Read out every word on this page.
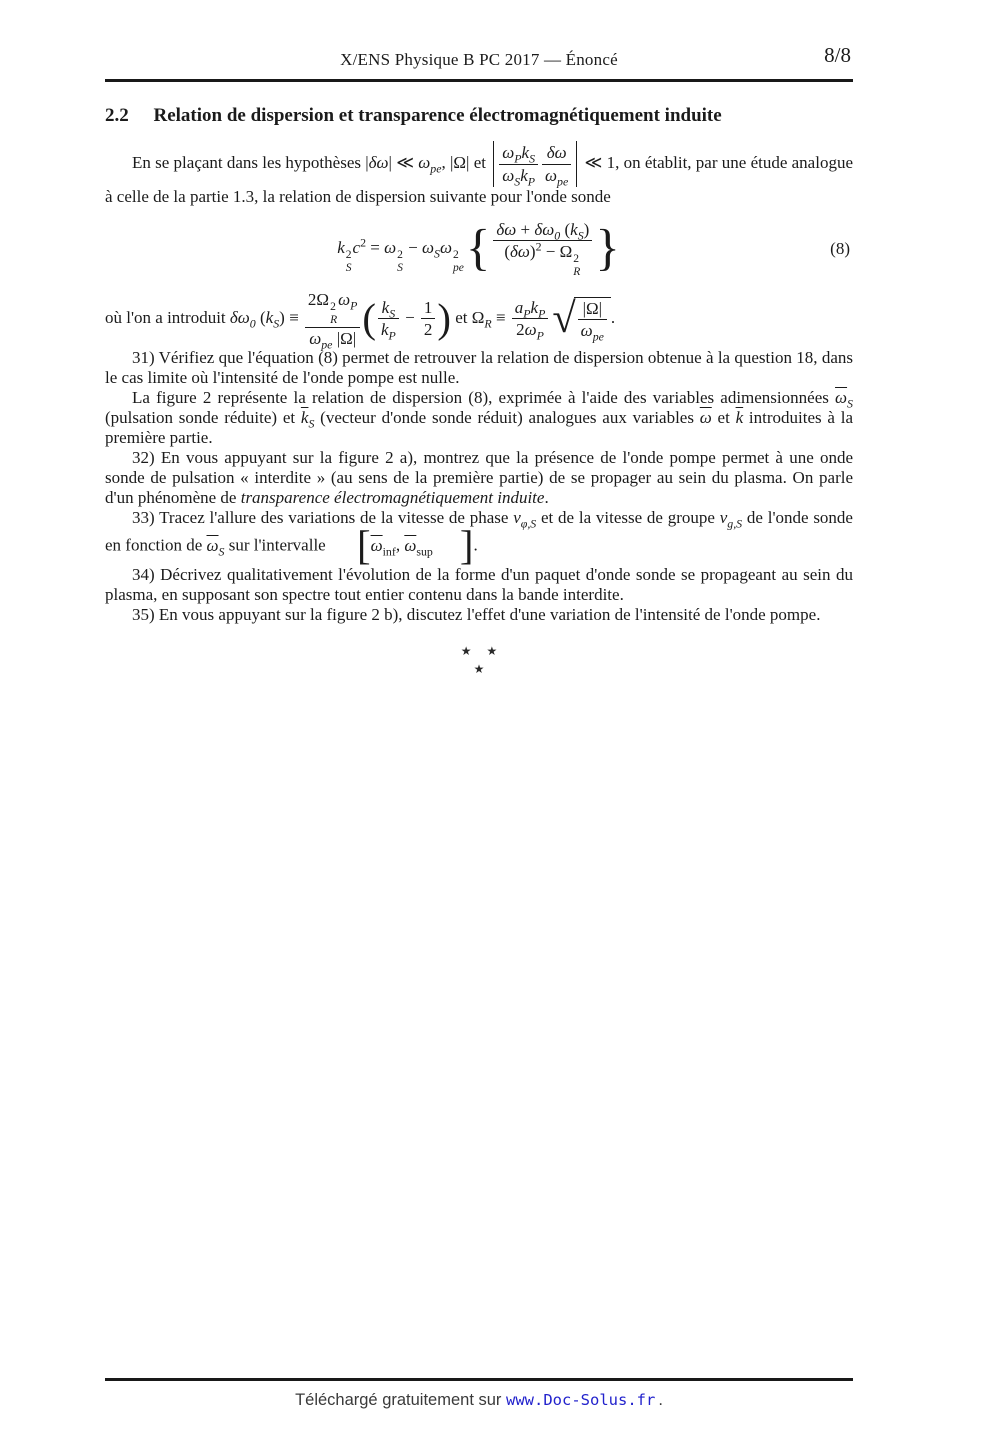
X/ENS Physique B PC 2017 — Énoncé	8/8
2.2 Relation de dispersion et transparence électromagnétiquement induite

En se plaçant dans les hypothèses |δω| ≪ $\omega_{pe}$, |Ω| et $\frac{\omega_Pk_S}{\omega_Sk_P} \frac{\delta\omega}{\omega_{pe}}$ ≪ 1, on établit, par une étude analogue à celle de la partie 1.3, la relation de dispersion suivante pour l'onde sonde

k 2
S
$c^2 = \omega$ 2
S
− $\omega_S\omega$ 2
pe { $\delta\omega + \delta\omega_0$ $(k_S)$
$(\delta\omega)^2 - \Omega$ 2
R }	(8)

où l'on a introduit $\delta\omega_0$ $(k_S) \equiv 2\Omega$ 2
R
$\omega_P$
$\omega_{pe}$ |Ω| ( $\frac{k_S}{k_P} - \frac{1}{2}$ ) et $\Omega_R \equiv \frac{a_Pk_P}{2\omega_P}$ √ $\frac{|\Omega|}{\omega_{pe}}$ .

31) Vérifiez que l'équation (8) permet de retrouver la relation de dispersion obtenue à la question 18, dans le cas limite où l'intensité de l'onde pompe est nulle.

La figure 2 représente la relation de dispersion (8), exprimée à l'aide des variables adimensionnées $\overline{\omega}_S$ (pulsation sonde réduite) et $\overline{k}_S$ (vecteur d'onde sonde réduit) analogues aux variables $\overline{\omega}$ et $\overline{k}$ introduites à la première partie.

32) En vous appuyant sur la figure 2 a), montrez que la présence de l'onde pompe permet à une onde sonde de pulsation « interdite » (au sens de la première partie) de se propager au sein du plasma. On parle d'un phénomène de transparence électromagnétiquement induite.

33) Tracez l'allure des variations de la vitesse de phase $v_{\varphi,S}$ et de la vitesse de groupe $v_{g,S}$ de l'onde sonde en fonction de $\overline{\omega}_S$ sur l'intervalle [$\overline{\omega}_{inf}$, $\overline{\omega}_{sup}$ ].

34) Décrivez qualitativement l'évolution de la forme d'un paquet d'onde sonde se propageant au sein du plasma, en supposant son spectre tout entier contenu dans la bande interdite.

35) En vous appuyant sur la figure 2 b), discutez l'effet d'une variation de l'intensité de l'onde pompe.

★ ★
★
Téléchargé gratuitement sur www.Doc-Solus.fr .
